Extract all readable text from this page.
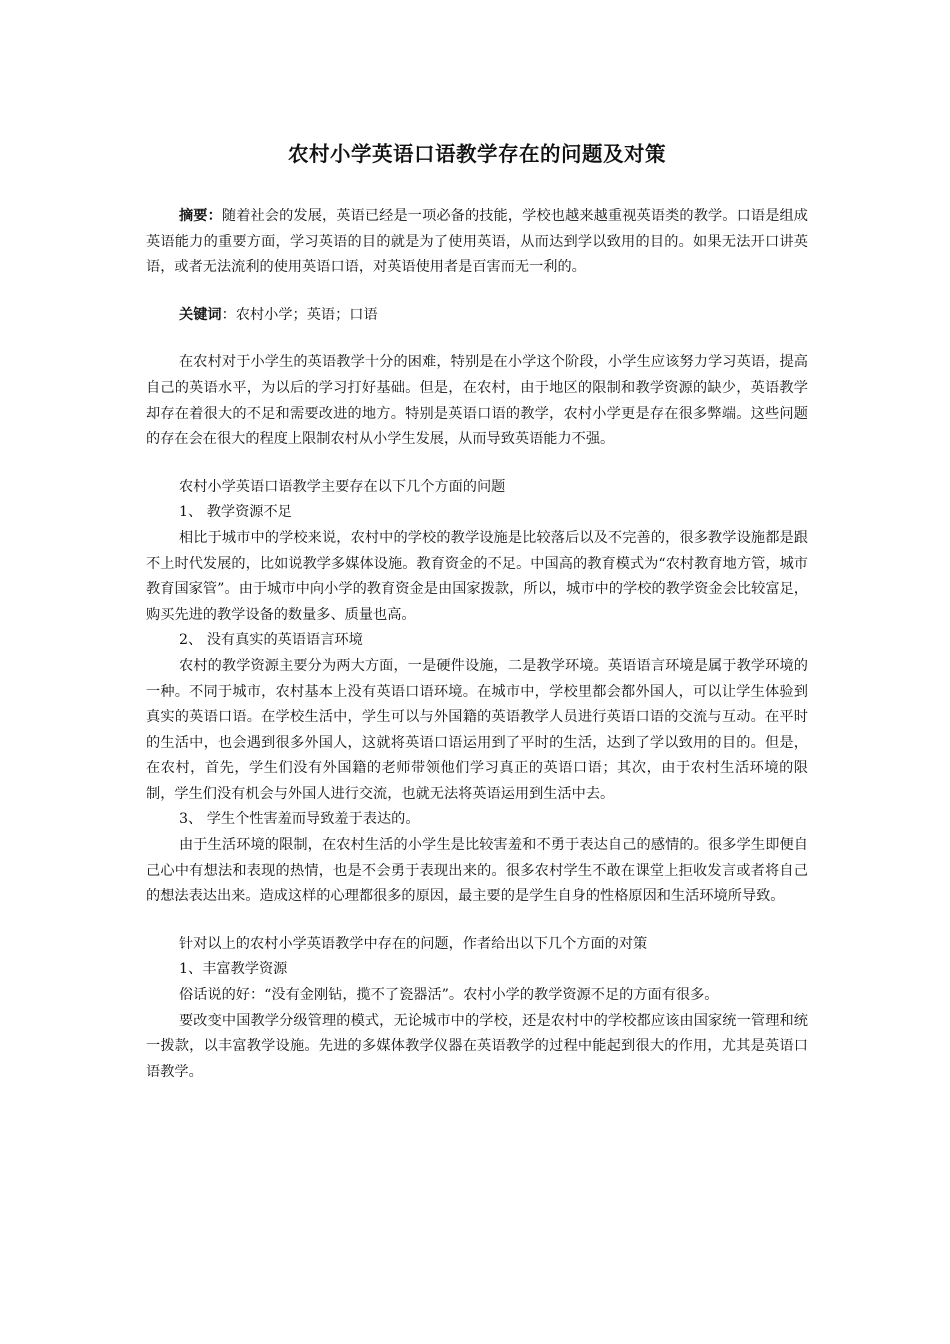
农村小学英语口语教学存在的问题及对策

摘要：随着社会的发展，英语已经是一项必备的技能，学校也越来越重视英语类的教学。口语是组成英语能力的重要方面，学习英语的目的就是为了使用英语，从而达到学以致用的目的。如果无法开口讲英语，或者无法流利的使用英语口语，对英语使用者是百害而无一利的。

关键词：农村小学；英语；口语

在农村对于小学生的英语教学十分的困难，特别是在小学这个阶段，小学生应该努力学习英语，提高自己的英语水平，为以后的学习打好基础。但是，在农村，由于地区的限制和教学资源的缺少，英语教学却存在着很大的不足和需要改进的地方。特别是英语口语的教学，农村小学更是存在很多弊端。这些问题的存在会在很大的程度上限制农村从小学生发展，从而导致英语能力不强。

农村小学英语口语教学主要存在以下几个方面的问题

1、 教学资源不足

相比于城市中的学校来说，农村中的学校的教学设施是比较落后以及不完善的，很多教学设施都是跟不上时代发展的，比如说教学多媒体设施。教育资金的不足。中国高的教育模式为“农村教育地方管，城市教育国家管”。由于城市中向小学的教育资金是由国家拨款，所以，城市中的学校的教学资金会比较富足，购买先进的教学设备的数量多、质量也高。

2、 没有真实的英语语言环境

农村的教学资源主要分为两大方面，一是硬件设施，二是教学环境。英语语言环境是属于教学环境的一种。不同于城市，农村基本上没有英语口语环境。在城市中，学校里都会都外国人，可以让学生体验到真实的英语口语。在学校生活中，学生可以与外国籍的英语教学人员进行英语口语的交流与互动。在平时的生活中，也会遇到很多外国人，这就将英语口语运用到了平时的生活，达到了学以致用的目的。但是，在农村，首先，学生们没有外国籍的老师带领他们学习真正的英语口语；其次，由于农村生活环境的限制，学生们没有机会与外国人进行交流，也就无法将英语运用到生活中去。

3、 学生个性害羞而导致羞于表达的。

由于生活环境的限制，在农村生活的小学生是比较害羞和不勇于表达自己的感情的。很多学生即便自己心中有想法和表现的热情，也是不会勇于表现出来的。很多农村学生不敢在课堂上拒收发言或者将自己的想法表达出来。造成这样的心理都很多的原因，最主要的是学生自身的性格原因和生活环境所导致。

针对以上的农村小学英语教学中存在的问题，作者给出以下几个方面的对策

1、丰富教学资源

俗话说的好：“没有金刚钻，揽不了瓷器活”。农村小学的教学资源不足的方面有很多。

要改变中国教学分级管理的模式，无论城市中的学校，还是农村中的学校都应该由国家统一管理和统一拨款，以丰富教学设施。先进的多媒体教学仪器在英语教学的过程中能起到很大的作用，尤其是英语口语教学。
